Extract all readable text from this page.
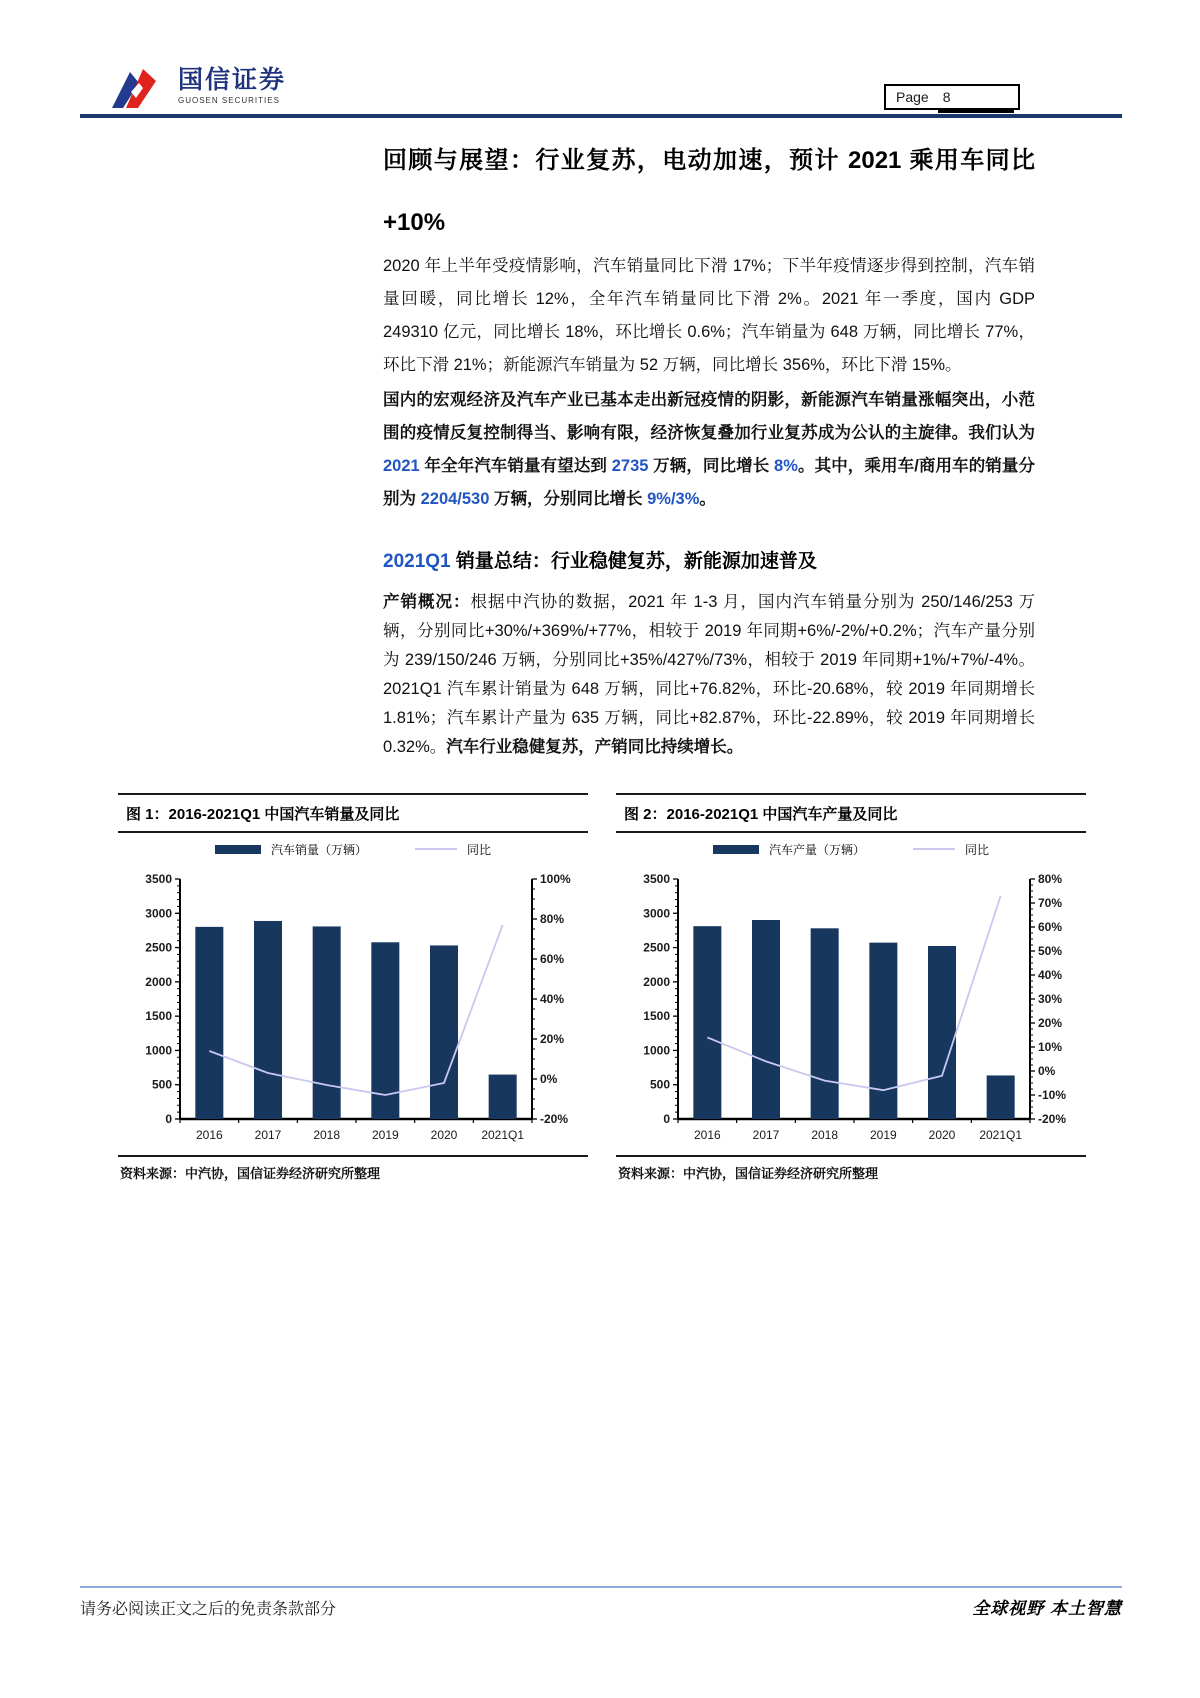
国信证券
GUOSEN SECURITIES	Page 8
回顾与展望：行业复苏，电动加速，预计 2021 乘用车同比+10%

2020 年上半年受疫情影响，汽车销量同比下滑 17%；下半年疫情逐步得到控制，汽车销量回暖，同比增长 12%，全年汽车销量同比下滑 2%。2021 年一季度，国内 GDP 249310 亿元，同比增长 18%，环比增长 0.6%；汽车销量为 648 万辆，同比增长 77%，环比下滑 21%；新能源汽车销量为 52 万辆，同比增长 356%，环比下滑 15%。

国内的宏观经济及汽车产业已基本走出新冠疫情的阴影，新能源汽车销量涨幅突出，小范围的疫情反复控制得当、影响有限，经济恢复叠加行业复苏成为公认的主旋律。我们认为 2021 年全年汽车销量有望达到 2735 万辆，同比增长 8%。其中，乘用车/商用车的销量分别为 2204/530 万辆，分别同比增长 9%/3%。

2021Q1 销量总结：行业稳健复苏，新能源加速普及

产销概况：根据中汽协的数据，2021 年 1-3 月，国内汽车销量分别为 250/146/253 万辆，分别同比+30%/+369%/+77%，相较于 2019 年同期+6%/-2%/+0.2%；汽车产量分别为 239/150/246 万辆，分别同比+35%/427%/73%，相较于 2019 年同期+1%/+7%/-4%。2021Q1 汽车累计销量为 648 万辆，同比+76.82%，环比-20.68%，较 2019 年同期增长 1.81%；汽车累计产量为 635 万辆，同比+82.87%，环比-22.89%，较 2019 年同期增长 0.32%。汽车行业稳健复苏，产销同比持续增长。

图 1：2016-2021Q1 中国汽车销量及同比
汽车销量（万辆）	同比
0
500
1000
1500
2000
2500
3000
3500
-20%
0%
20%
40%
60%
80%
100%
2016	2017	2018	2019	2020 2021Q1
资料来源：中汽协，国信证券经济研究所整理
图 2：2016-2021Q1 中国汽车产量及同比
汽车产量（万辆）	同比
0
500
1000
1500
2000
2500
3000
3500
-20%
-10%
0%
10%
20%
30%
40%
50%
60%
70%
80%
2016	2017	2018	2019	2020 2021Q1
资料来源：中汽协，国信证券经济研究所整理
请务必阅读正文之后的免责条款部分	全球视野 本土智慧
